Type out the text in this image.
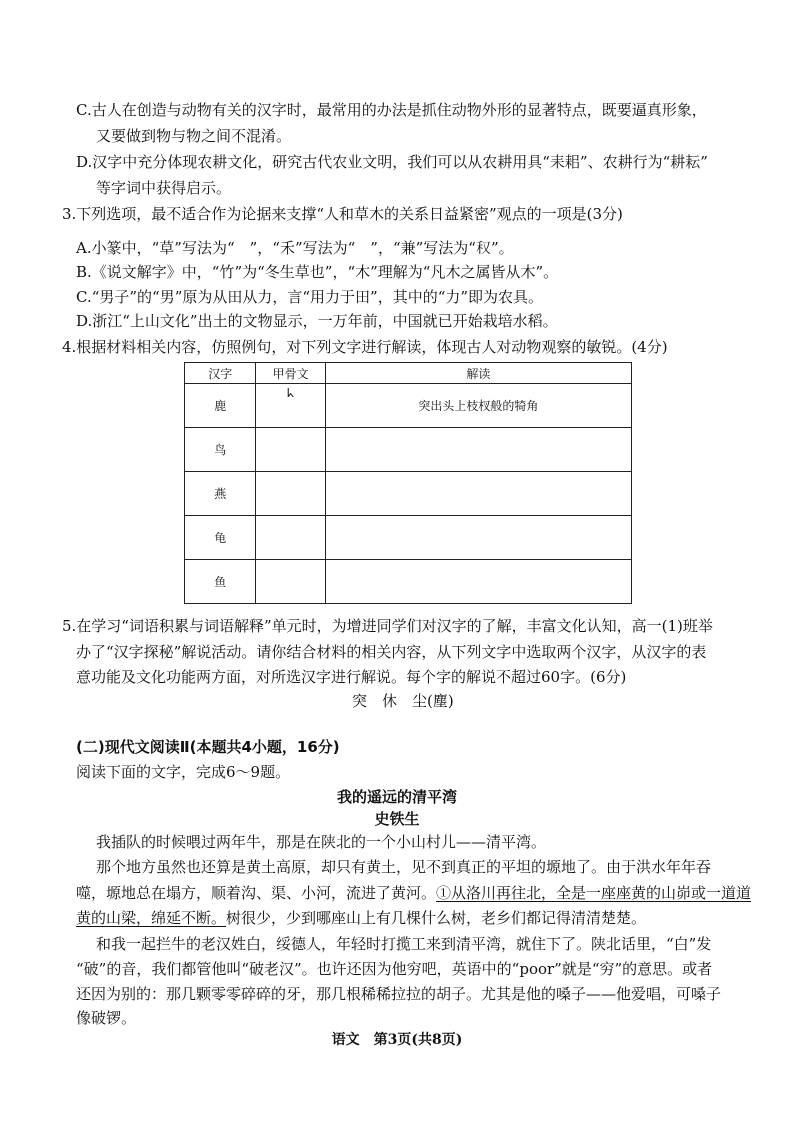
C.古人在创造与动物有关的汉字时，最常用的办法是抓住动物外形的显著特点，既要逼真形象，
又要做到物与物之间不混淆。
D.汉字中充分体现农耕文化，研究古代农业文明，我们可以从农耕用具“耒耜”、农耕行为“耕耘”
等字词中获得启示。
3.下列选项，最不适合作为论据来支撑“人和草木的关系日益紧密”观点的一项是(3分)
A.小篆中，“草”写法为“　”，“禾”写法为“　”，“兼”写法为“𥝐”。
B.《说文解字》中，“竹”为“冬生草也”，“木”理解为“凡木之属皆从木”。
C.“男子”的“男”原为从田从力，言“用力于田”，其中的“力”即为农具。
D.浙江“上山文化”出土的文物显示，一万年前，中国就已开始栽培水稻。
4.根据材料相关内容，仿照例句，对下列文字进行解读，体现古人对动物观察的敏锐。(4分)
汉字	甲骨文	解读
鹿	ᖾ	突出头上枝杈般的犄角
鸟		
燕		
龟		
鱼		
5.在学习“词语积累与词语解释”单元时，为增进同学们对汉字的了解，丰富文化认知，高一(1)班举
办了“汉字探秘”解说活动。请你结合材料的相关内容，从下列文字中选取两个汉字，从汉字的表
意功能及文化功能两方面，对所选汉字进行解说。每个字的解说不超过60字。(6分)
突　休　尘(塵)
(二)现代文阅读Ⅱ(本题共4小题，16分)
阅读下面的文字，完成6～9题。
我的遥远的清平湾
史铁生
我插队的时候喂过两年牛，那是在陕北的一个小山村儿——清平湾。
那个地方虽然也还算是黄土高原，却只有黄土，见不到真正的平坦的塬地了。由于洪水年年吞
噬，塬地总在塌方，顺着沟、渠、小河，流进了黄河。①从洛川再往北，全是一座座黄的山峁或一道道
黄的山梁，绵延不断。树很少，少到哪座山上有几棵什么树，老乡们都记得清清楚楚。
和我一起拦牛的老汉姓白，绥德人，年轻时打揽工来到清平湾，就住下了。陕北话里，“白”发
“破”的音，我们都管他叫“破老汉”。也许还因为他穷吧，英语中的“poor”就是“穷”的意思。或者
还因为别的：那几颗零零碎碎的牙，那几根稀稀拉拉的胡子。尤其是他的嗓子——他爱唱，可嗓子
像破锣。
语文　第3页(共8页)
